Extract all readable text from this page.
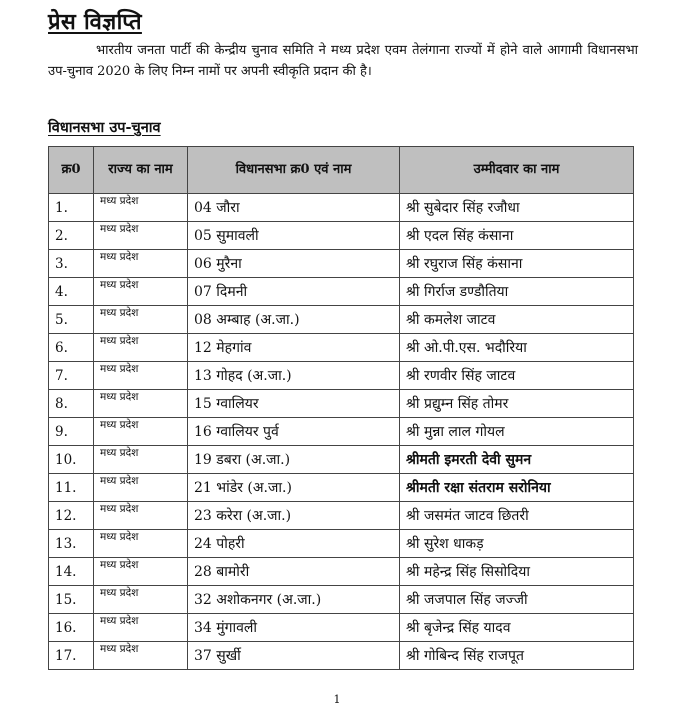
प्रेस विज्ञप्ति
भारतीय जनता पार्टी की केन्द्रीय चुनाव समिति ने मध्य प्रदेश एवम तेलंगाना राज्यों में होने वाले आगामी विधानसभा उप-चुनाव 2020 के लिए निम्न नामों पर अपनी स्वीकृति प्रदान की है।
विधानसभा उप-चुनाव
क्र0	राज्य का नाम	विधानसभा क्र0 एवं नाम	उम्मीदवार का नाम
1.	मध्य प्रदेश	04 जौरा	श्री सुबेदार सिंह रजौधा
2.	मध्य प्रदेश	05 सुमावली	श्री एदल सिंह कंसाना
3.	मध्य प्रदेश	06 मुरैना	श्री रघुराज सिंह कंसाना
4.	मध्य प्रदेश	07 दिमनी	श्री गिर्राज डण्डौतिया
5.	मध्य प्रदेश	08 अम्बाह (अ.जा.)	श्री कमलेश जाटव
6.	मध्य प्रदेश	12 मेहगांव	श्री ओ.पी.एस. भदौरिया
7.	मध्य प्रदेश	13 गोहद (अ.जा.)	श्री रणवीर सिंह जाटव
8.	मध्य प्रदेश	15 ग्वालियर	श्री प्रद्युम्न सिंह तोमर
9.	मध्य प्रदेश	16 ग्वालियर पुर्व	श्री मुन्ना लाल गोयल
10.	मध्य प्रदेश	19 डबरा (अ.जा.)	श्रीमती इमरती देवी सुमन
11.	मध्य प्रदेश	21 भांडेर (अ.जा.)	श्रीमती रक्षा संतराम सरोनिया
12.	मध्य प्रदेश	23 करेरा (अ.जा.)	श्री जसमंत जाटव छितरी
13.	मध्य प्रदेश	24 पोहरी	श्री सुरेश धाकड़
14.	मध्य प्रदेश	28 बामोरी	श्री महेन्द्र सिंह सिसोदिया
15.	मध्य प्रदेश	32 अशोकनगर (अ.जा.)	श्री जजपाल सिंह जज्जी
16.	मध्य प्रदेश	34 मुंगावली	श्री बृजेन्द्र सिंह यादव
17.	मध्य प्रदेश	37 सुर्खी	श्री गोबिन्द सिंह राजपूत
1
